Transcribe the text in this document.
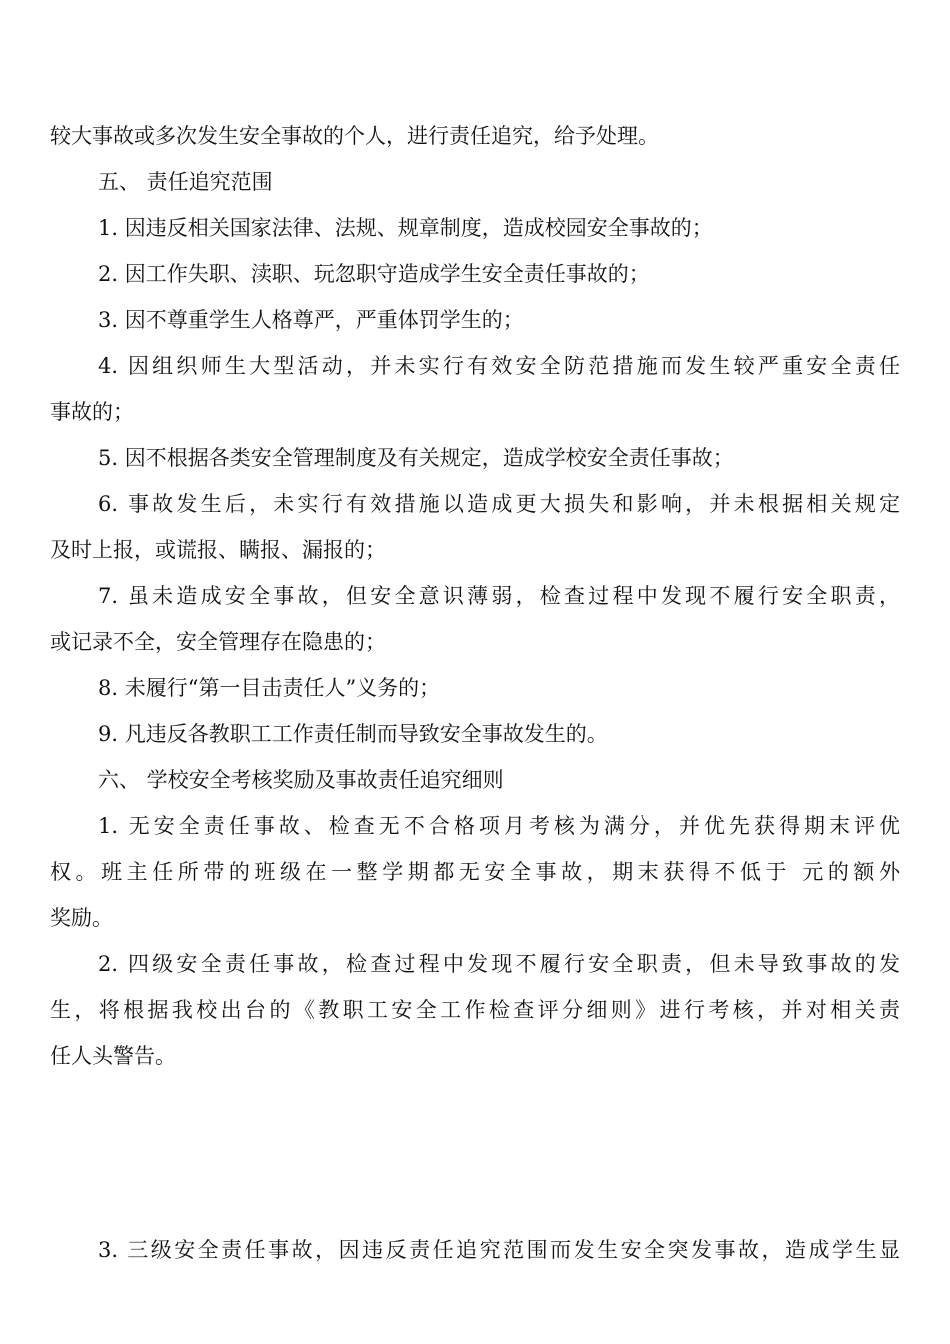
较大事故或多次发生安全事故的个人，进行责任追究，给予处理。
五、 责任追究范围
1. 因违反相关国家法律、法规、规章制度，造成校园安全事故的；
2. 因工作失职、渎职、玩忽职守造成学生安全责任事故的；
3. 因不尊重学生人格尊严，严重体罚学生的；
4. 因组织师生大型活动，并未实行有效安全防范措施而发生较严重安全责任
事故的；
5. 因不根据各类安全管理制度及有关规定，造成学校安全责任事故；
6. 事故发生后，未实行有效措施以造成更大损失和影响，并未根据相关规定
及时上报，或谎报、瞒报、漏报的；
7. 虽未造成安全事故，但安全意识薄弱，检查过程中发现不履行安全职责，
或记录不全，安全管理存在隐患的；
8. 未履行“第一目击责任人”义务的；
9. 凡违反各教职工工作责任制而导致安全事故发生的。
六、 学校安全考核奖励及事故责任追究细则
1. 无安全责任事故、检查无不合格项月考核为满分，并优先获得期末评优
权。班主任所带的班级在一整学期都无安全事故，期末获得不低于 元的额外
奖励。
2. 四级安全责任事故，检查过程中发现不履行安全职责，但未导致事故的发
生，将根据我校出台的《教职工安全工作检查评分细则》进行考核，并对相关责
任人头警告。
3. 三级安全责任事故，因违反责任追究范围而发生安全突发事故，造成学生显
